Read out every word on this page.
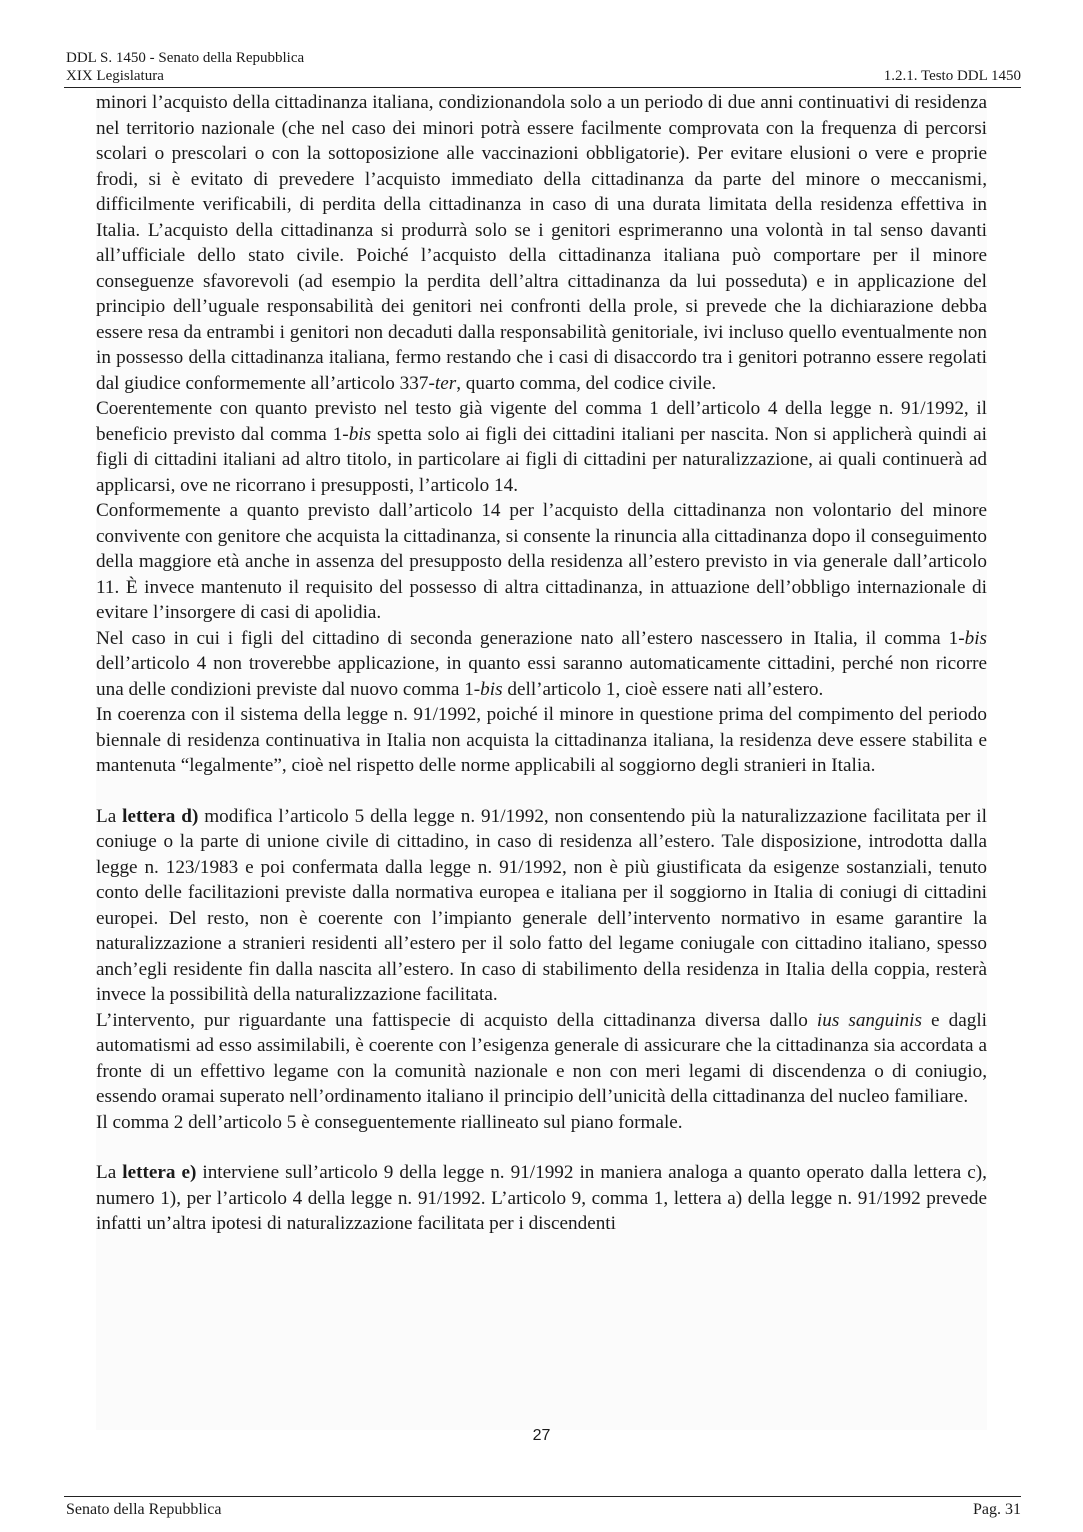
DDL S. 1450 - Senato della Repubblica
XIX Legislatura	1.2.1. Testo DDL 1450

minori l’acquisto della cittadinanza italiana, condizionandola solo a un periodo di due anni continuativi di residenza nel territorio nazionale (che nel caso dei minori potrà essere facilmente comprovata con la frequenza di percorsi scolari o prescolari o con la sottoposizione alle vaccinazioni obbligatorie). Per evitare elusioni o vere e proprie frodi, si è evitato di prevedere l’acquisto immediato della cittadinanza da parte del minore o meccanismi, difficilmente verificabili, di perdita della cittadinanza in caso di una durata limitata della residenza effettiva in Italia. L’acquisto della cittadinanza si produrrà solo se i genitori esprimeranno una volontà in tal senso davanti all’ufficiale dello stato civile. Poiché l’acquisto della cittadinanza italiana può comportare per il minore conseguenze sfavorevoli (ad esempio la perdita dell’altra cittadinanza da lui posseduta) e in applicazione del principio dell’uguale responsabilità dei genitori nei confronti della prole, si prevede che la dichiarazione debba essere resa da entrambi i genitori non decaduti dalla responsabilità genitoriale, ivi incluso quello eventualmente non in possesso della cittadinanza italiana, fermo restando che i casi di disaccordo tra i genitori potranno essere regolati dal giudice conformemente all’articolo 337-ter, quarto comma, del codice civile.

Coerentemente con quanto previsto nel testo già vigente del comma 1 dell’articolo 4 della legge n. 91/1992, il beneficio previsto dal comma 1-bis spetta solo ai figli dei cittadini italiani per nascita. Non si applicherà quindi ai figli di cittadini italiani ad altro titolo, in particolare ai figli di cittadini per naturalizzazione, ai quali continuerà ad applicarsi, ove ne ricorrano i presupposti, l’articolo 14.

Conformemente a quanto previsto dall’articolo 14 per l’acquisto della cittadinanza non volontario del minore convivente con genitore che acquista la cittadinanza, si consente la rinuncia alla cittadinanza dopo il conseguimento della maggiore età anche in assenza del presupposto della residenza all’estero previsto in via generale dall’articolo 11. È invece mantenuto il requisito del possesso di altra cittadinanza, in attuazione dell’obbligo internazionale di evitare l’insorgere di casi di apolidia.

Nel caso in cui i figli del cittadino di seconda generazione nato all’estero nascessero in Italia, il comma 1-bis dell’articolo 4 non troverebbe applicazione, in quanto essi saranno automaticamente cittadini, perché non ricorre una delle condizioni previste dal nuovo comma 1-bis dell’articolo 1, cioè essere nati all’estero.

In coerenza con il sistema della legge n. 91/1992, poiché il minore in questione prima del compimento del periodo biennale di residenza continuativa in Italia non acquista la cittadinanza italiana, la residenza deve essere stabilita e mantenuta “legalmente”, cioè nel rispetto delle norme applicabili al soggiorno degli stranieri in Italia.

La lettera d) modifica l’articolo 5 della legge n. 91/1992, non consentendo più la naturalizzazione facilitata per il coniuge o la parte di unione civile di cittadino, in caso di residenza all’estero. Tale disposizione, introdotta dalla legge n. 123/1983 e poi confermata dalla legge n. 91/1992, non è più giustificata da esigenze sostanziali, tenuto conto delle facilitazioni previste dalla normativa europea e italiana per il soggiorno in Italia di coniugi di cittadini europei. Del resto, non è coerente con l’impianto generale dell’intervento normativo in esame garantire la naturalizzazione a stranieri residenti all’estero per il solo fatto del legame coniugale con cittadino italiano, spesso anch’egli residente fin dalla nascita all’estero. In caso di stabilimento della residenza in Italia della coppia, resterà invece la possibilità della naturalizzazione facilitata.

L’intervento, pur riguardante una fattispecie di acquisto della cittadinanza diversa dallo ius sanguinis e dagli automatismi ad esso assimilabili, è coerente con l’esigenza generale di assicurare che la cittadinanza sia accordata a fronte di un effettivo legame con la comunità nazionale e non con meri legami di discendenza o di coniugio, essendo oramai superato nell’ordinamento italiano il principio dell’unicità della cittadinanza del nucleo familiare.

Il comma 2 dell’articolo 5 è conseguentemente riallineato sul piano formale.

La lettera e) interviene sull’articolo 9 della legge n. 91/1992 in maniera analoga a quanto operato dalla lettera c), numero 1), per l’articolo 4 della legge n. 91/1992. L’articolo 9, comma 1, lettera a) della legge n. 91/1992 prevede infatti un’altra ipotesi di naturalizzazione facilitata per i discendenti

27
Senato della Repubblica	Pag. 31
